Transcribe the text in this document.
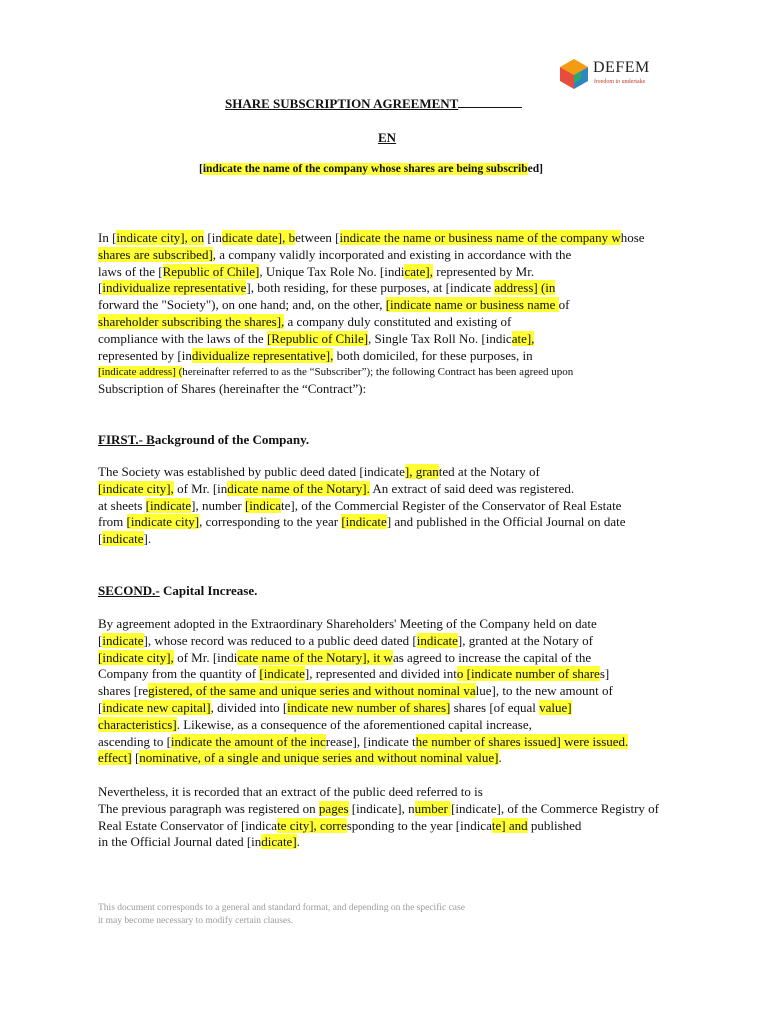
DEFEM
freedom to undertake
SHARE SUBSCRIPTION AGREEMENT
EN
[indicate the name of the company whose shares are being subscribed]
In [indicate city], on [indicate date], between [indicate the name or business name of the company whose
shares are subscribed], a company validly incorporated and existing in accordance with the
laws of the [Republic of Chile], Unique Tax Role No. [indicate], represented by Mr.
[individualize representative], both residing, for these purposes, at [indicate address] (in
forward the "Society"), on one hand; and, on the other, [indicate name or business name of
shareholder subscribing the shares], a company duly constituted and existing of
compliance with the laws of the [Republic of Chile], Single Tax Roll No. [indicate],
represented by [individualize representative], both domiciled, for these purposes, in
[indicate address] (hereinafter referred to as the “Subscriber”); the following Contract has been agreed upon
Subscription of Shares (hereinafter the “Contract”):
FIRST.- Background of the Company.
The Society was established by public deed dated [indicate], granted at the Notary of
[indicate city], of Mr. [indicate name of the Notary]. An extract of said deed was registered.
at sheets [indicate], number [indicate], of the Commercial Register of the Conservator of Real Estate
from [indicate city], corresponding to the year [indicate] and published in the Official Journal on date
[indicate].
SECOND.- Capital Increase.
By agreement adopted in the Extraordinary Shareholders' Meeting of the Company held on date
[indicate], whose record was reduced to a public deed dated [indicate], granted at the Notary of
[indicate city], of Mr. [indicate name of the Notary], it was agreed to increase the capital of the
Company from the quantity of [indicate], represented and divided into [indicate number of shares]
shares [registered, of the same and unique series and without nominal value], to the new amount of
[indicate new capital], divided into [indicate new number of shares] shares [of equal value]
characteristics]. Likewise, as a consequence of the aforementioned capital increase,
ascending to [indicate the amount of the increase], [indicate the number of shares issued] were issued.
effect] [nominative, of a single and unique series and without nominal value].
Nevertheless, it is recorded that an extract of the public deed referred to is
The previous paragraph was registered on pages [indicate], number [indicate], of the Commerce Registry of
Real Estate Conservator of [indicate city], corresponding to the year [indicate] and published
in the Official Journal dated [indicate].
This document corresponds to a general and standard format, and depending on the specific case
it may become necessary to modify certain clauses.
